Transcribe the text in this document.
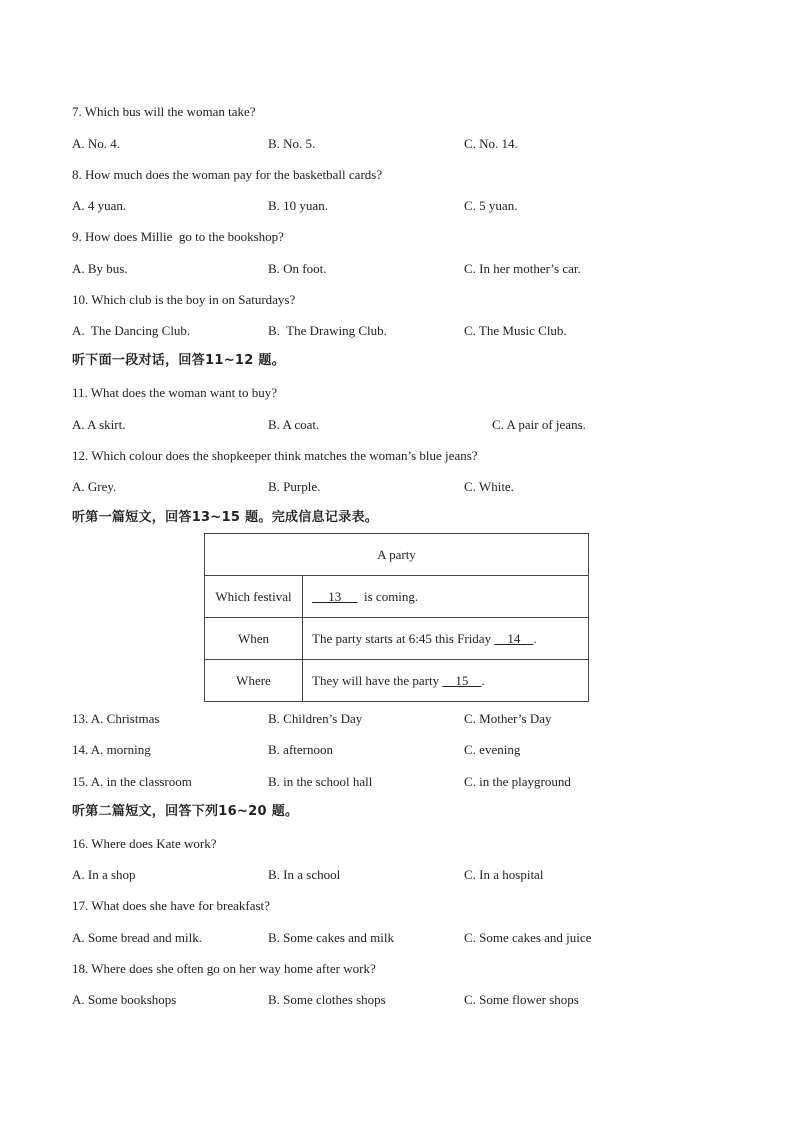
7. Which bus will the woman take?
A. No. 4.	B. No. 5.	C. No. 14.
8. How much does the woman pay for the basketball cards?
A. 4 yuan.	B. 10 yuan.	C. 5 yuan.
9. How does Millie  go to the bookshop?
A. By bus.	B. On foot.	C. In her mother’s car.
10. Which club is the boy in on Saturdays?
A.  The Dancing Club.	B.  The Drawing Club.	C. The Music Club.
听下面一段对话，回答11~12 题。
11. What does the woman want to buy?
A. A skirt.	B. A coat.	C. A pair of jeans.
12. Which colour does the shopkeeper think matches the woman’s blue jeans?
A. Grey.	B. Purple.	C. White.
听第一篇短文，回答13~15 题。完成信息记录表。
A party	
Which festival	13       is coming.
When	The party starts at 6:45 this Friday     14    .
Where	They will have the party     15    .
13. A. Christmas	B. Children’s Day	C. Mother’s Day
14. A. morning	B. afternoon	C. evening
15. A. in the classroom	B. in the school hall	C. in the playground
听第二篇短文，回答下列16~20 题。
16. Where does Kate work?
A. In a shop	B. In a school	C. In a hospital
17. What does she have for breakfast?
A. Some bread and milk.	B. Some cakes and milk	C. Some cakes and juice
18. Where does she often go on her way home after work?
A. Some bookshops	B. Some clothes shops	C. Some flower shops
